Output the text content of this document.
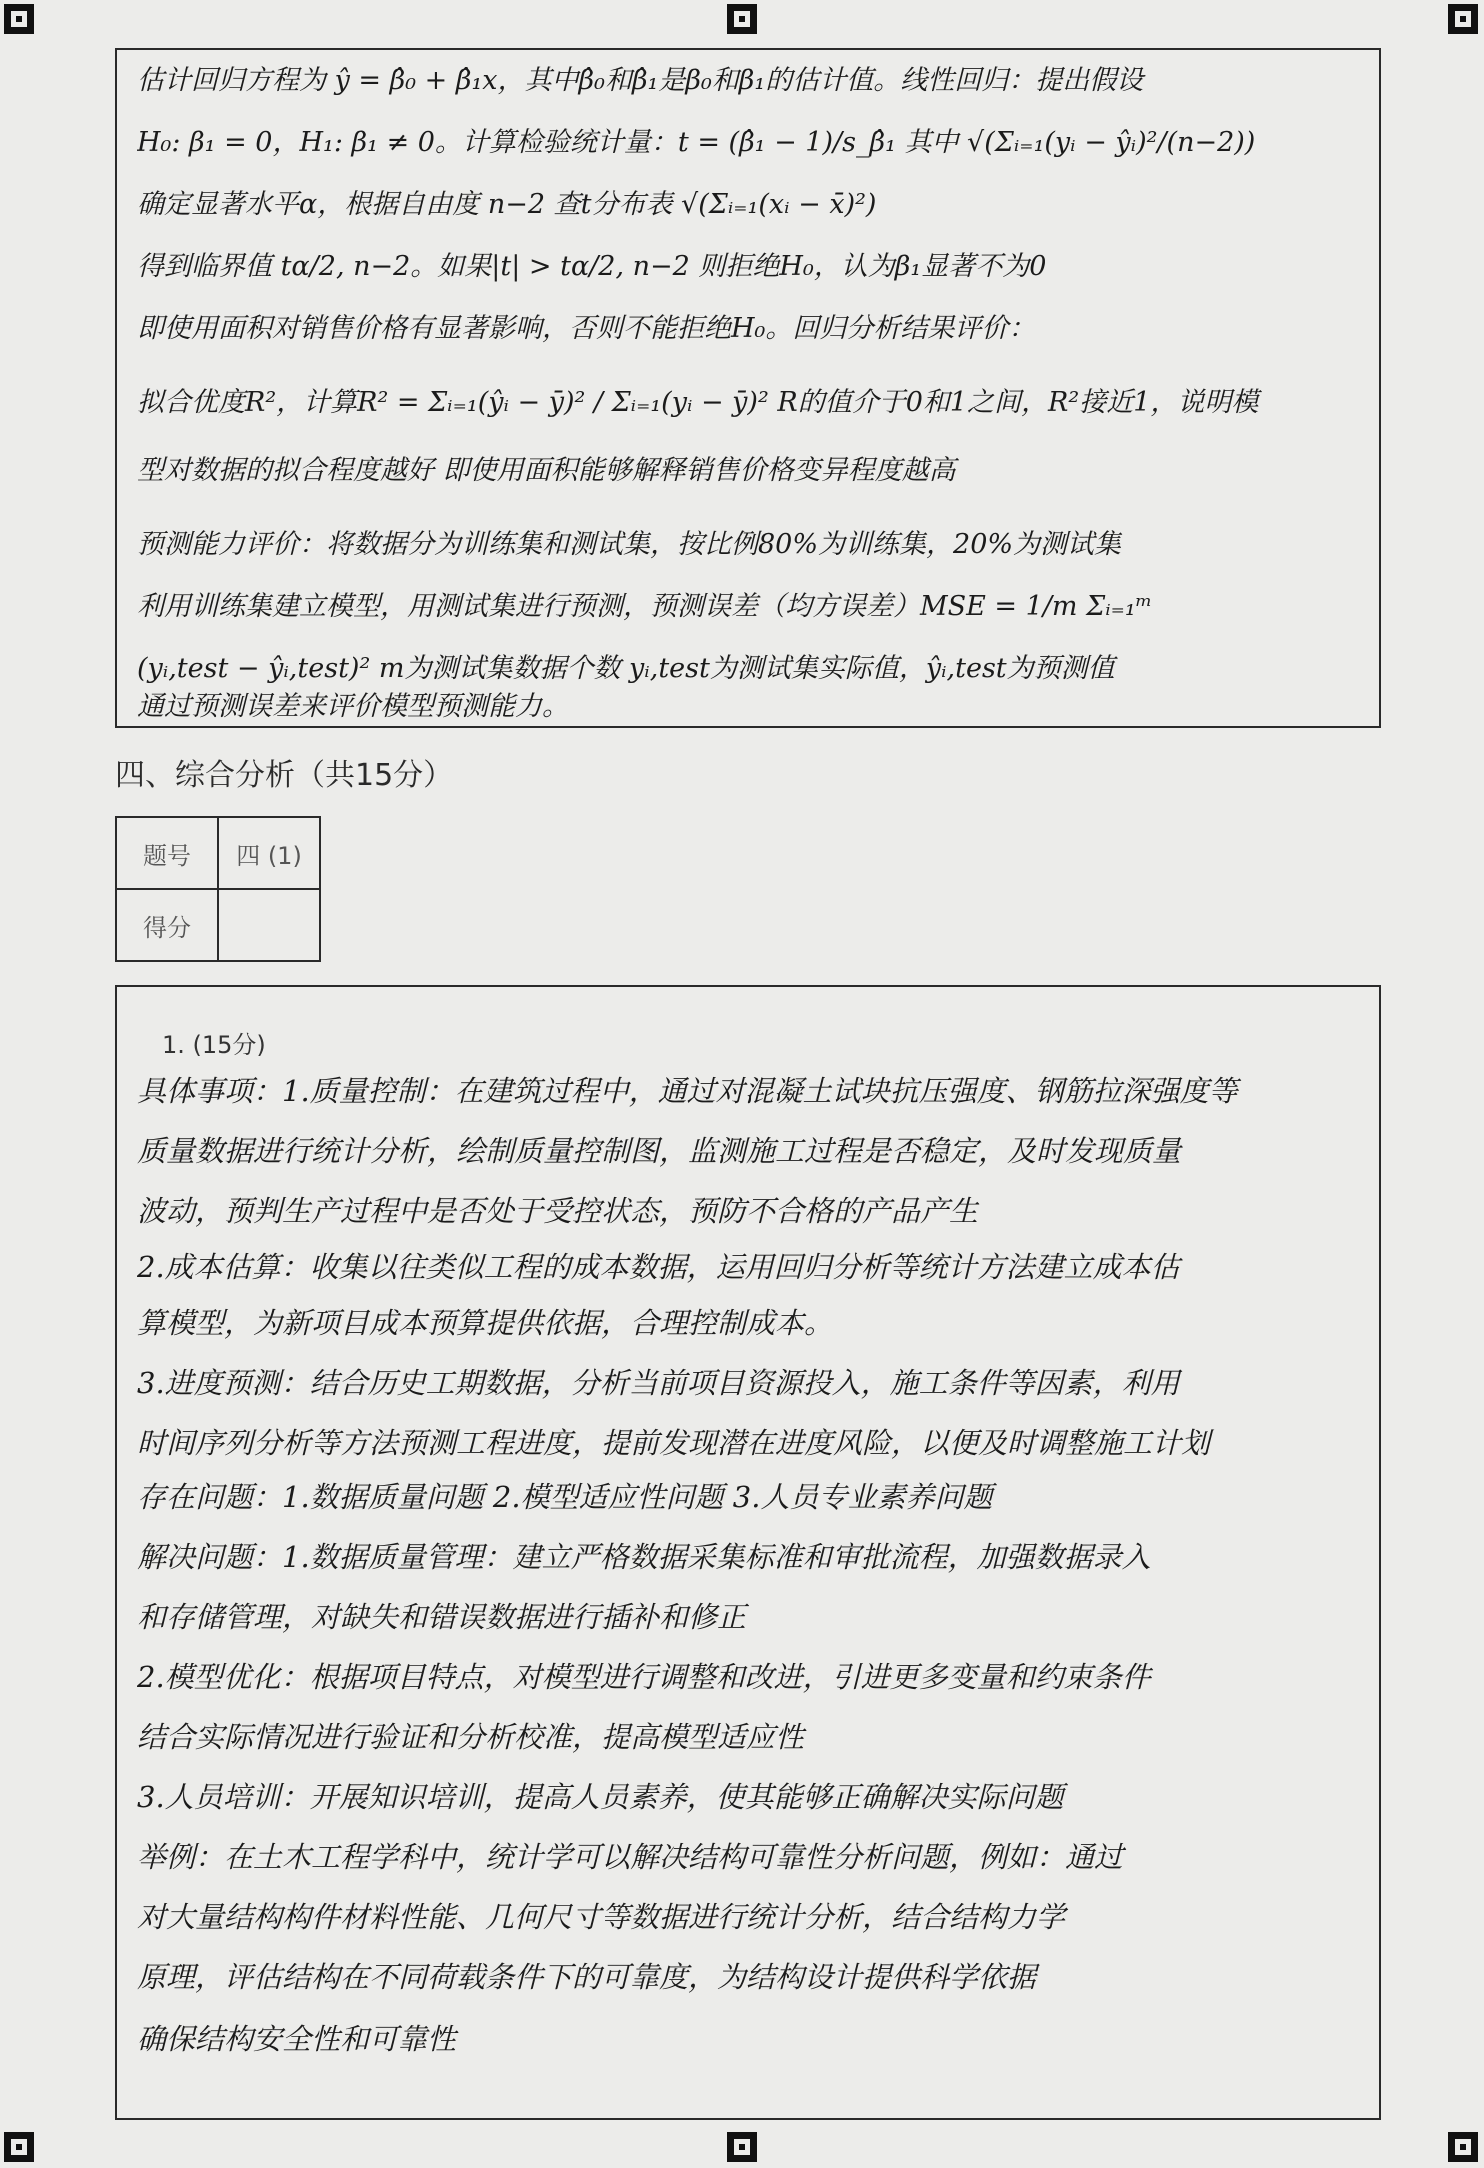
估计回归方程为 ŷ = β̂₀ + β̂₁x，其中β̂₀和β̂₁是β₀和β₁的估计值。线性回归：提出假设
H₀: β₁ = 0，H₁: β₁ ≠ 0。计算检验统计量：t = (β̂₁ − 1)/s_β̂₁ 其中 √(Σᵢ₌₁(yᵢ − ŷᵢ)²/(n−2))
确定显著水平α，根据自由度 n−2 查t分布表 √(Σᵢ₌₁(xᵢ − x̄)²)
得到临界值 tα/2, n−2。如果|t| > tα/2, n−2 则拒绝H₀，认为β₁显著不为0
即使用面积对销售价格有显著影响，否则不能拒绝H₀。回归分析结果评价：
拟合优度R²，计算R² = Σᵢ₌₁(ŷᵢ − ȳ)² / Σᵢ₌₁(yᵢ − ȳ)² R的值介于0和1之间，R²接近1，说明模
型对数据的拟合程度越好 即使用面积能够解释销售价格变异程度越高
预测能力评价：将数据分为训练集和测试集，按比例80%为训练集，20%为测试集
利用训练集建立模型，用测试集进行预测，预测误差（均方误差）MSE = 1/m Σᵢ₌₁ᵐ
(yᵢ,test − ŷᵢ,test)² m为测试集数据个数 yᵢ,test为测试集实际值，ŷᵢ,test为预测值
通过预测误差来评价模型预测能力。
四、综合分析（共15分）
题号	四 (1)
得分	
1. (15分)
具体事项：1.质量控制：在建筑过程中，通过对混凝土试块抗压强度、钢筋拉深强度等
质量数据进行统计分析，绘制质量控制图，监测施工过程是否稳定，及时发现质量
波动，预判生产过程中是否处于受控状态，预防不合格的产品产生
2.成本估算：收集以往类似工程的成本数据，运用回归分析等统计方法建立成本估
算模型，为新项目成本预算提供依据，合理控制成本。
3.进度预测：结合历史工期数据，分析当前项目资源投入，施工条件等因素，利用
时间序列分析等方法预测工程进度，提前发现潜在进度风险，以便及时调整施工计划
存在问题：1.数据质量问题 2.模型适应性问题 3.人员专业素养问题
解决问题：1.数据质量管理：建立严格数据采集标准和审批流程，加强数据录入
和存储管理，对缺失和错误数据进行插补和修正
2.模型优化：根据项目特点，对模型进行调整和改进，引进更多变量和约束条件
结合实际情况进行验证和分析校准，提高模型适应性
3.人员培训：开展知识培训，提高人员素养，使其能够正确解决实际问题
举例：在土木工程学科中，统计学可以解决结构可靠性分析问题，例如：通过
对大量结构构件材料性能、几何尺寸等数据进行统计分析，结合结构力学
原理，评估结构在不同荷载条件下的可靠度，为结构设计提供科学依据
确保结构安全性和可靠性
